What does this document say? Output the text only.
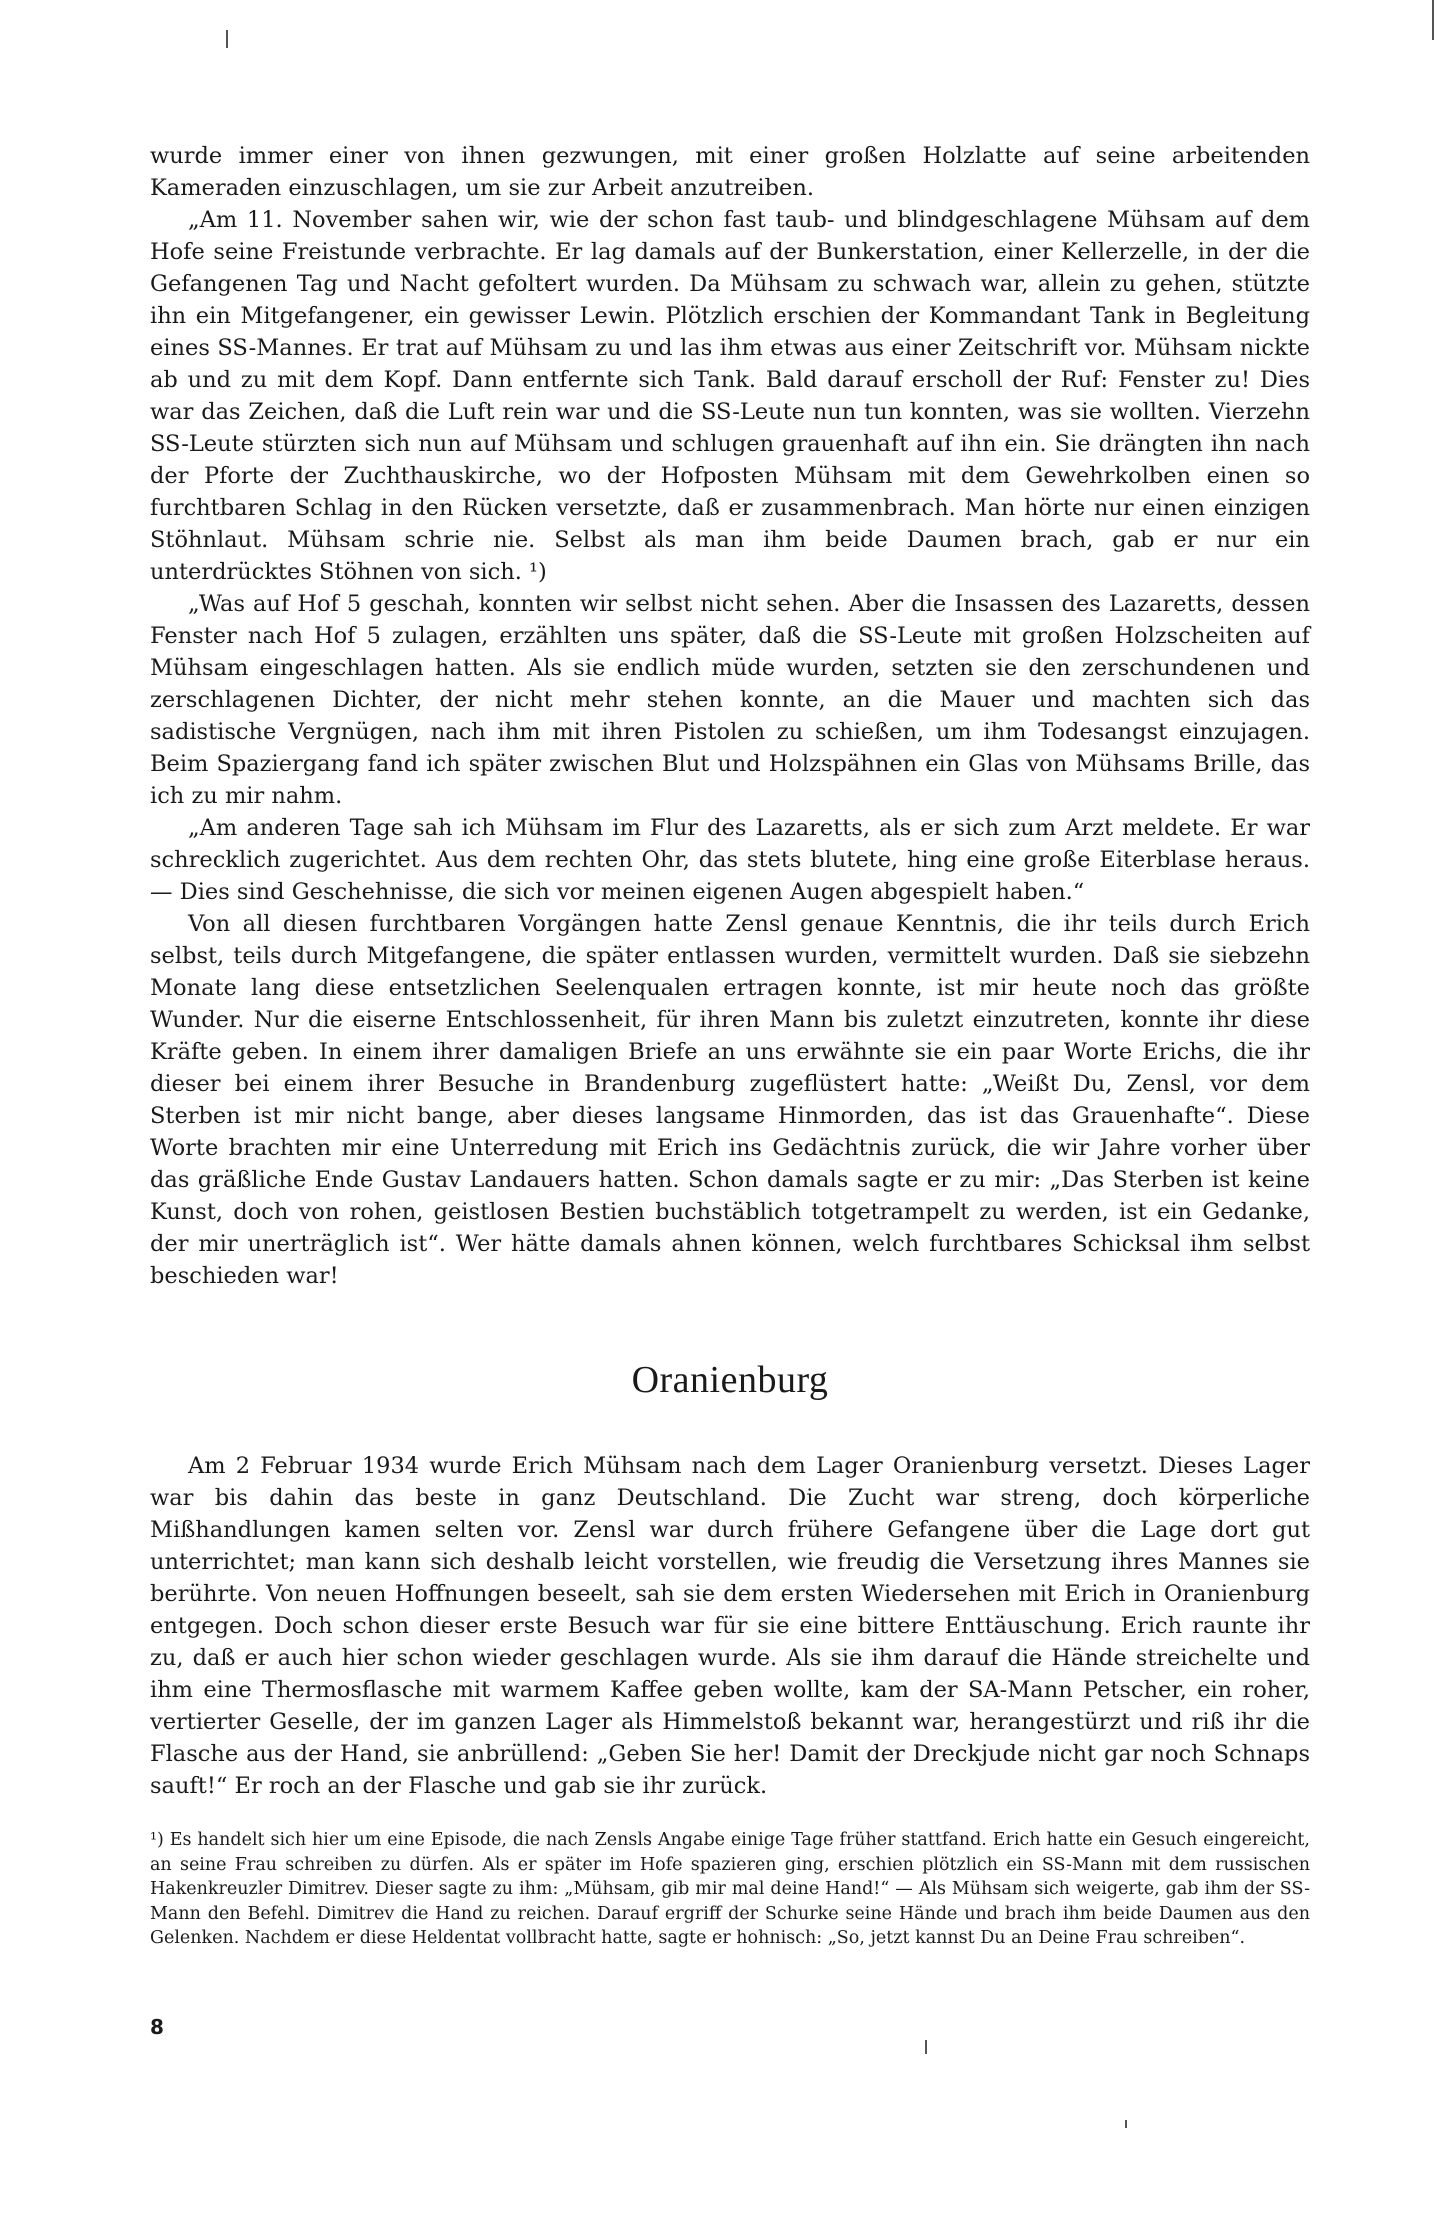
wurde immer einer von ihnen gezwungen, mit einer großen Holzlatte auf seine arbeitenden Kameraden einzuschlagen, um sie zur Arbeit anzutreiben.

„Am 11. November sahen wir, wie der schon fast taub- und blindgeschlagene Mühsam auf dem Hofe seine Freistunde verbrachte. Er lag damals auf der Bunkerstation, einer Kellerzelle, in der die Gefangenen Tag und Nacht gefoltert wurden. Da Mühsam zu schwach war, allein zu gehen, stützte ihn ein Mitgefangener, ein gewisser Lewin. Plötzlich erschien der Kommandant Tank in Begleitung eines SS-Mannes. Er trat auf Mühsam zu und las ihm etwas aus einer Zeitschrift vor. Mühsam nickte ab und zu mit dem Kopf. Dann entfernte sich Tank. Bald darauf erscholl der Ruf: Fenster zu! Dies war das Zeichen, daß die Luft rein war und die SS-Leute nun tun konnten, was sie wollten. Vierzehn SS-Leute stürzten sich nun auf Mühsam und schlugen grauenhaft auf ihn ein. Sie drängten ihn nach der Pforte der Zuchthauskirche, wo der Hofposten Mühsam mit dem Gewehrkolben einen so furchtbaren Schlag in den Rücken versetzte, daß er zusammenbrach. Man hörte nur einen einzigen Stöhnlaut. Mühsam schrie nie. Selbst als man ihm beide Daumen brach, gab er nur ein unterdrücktes Stöhnen von sich. ¹)

„Was auf Hof 5 geschah, konnten wir selbst nicht sehen. Aber die Insassen des Lazaretts, dessen Fenster nach Hof 5 zulagen, erzählten uns später, daß die SS-Leute mit großen Holzscheiten auf Mühsam eingeschlagen hatten. Als sie endlich müde wurden, setzten sie den zerschundenen und zerschlagenen Dichter, der nicht mehr stehen konnte, an die Mauer und machten sich das sadistische Vergnügen, nach ihm mit ihren Pistolen zu schießen, um ihm Todesangst einzujagen. Beim Spaziergang fand ich später zwischen Blut und Holzspähnen ein Glas von Mühsams Brille, das ich zu mir nahm.

„Am anderen Tage sah ich Mühsam im Flur des Lazaretts, als er sich zum Arzt meldete. Er war schrecklich zugerichtet. Aus dem rechten Ohr, das stets blutete, hing eine große Eiterblase heraus. — Dies sind Geschehnisse, die sich vor meinen eigenen Augen abgespielt haben.“

Von all diesen furchtbaren Vorgängen hatte Zensl genaue Kenntnis, die ihr teils durch Erich selbst, teils durch Mitgefangene, die später entlassen wurden, vermittelt wurden. Daß sie siebzehn Monate lang diese entsetzlichen Seelenqualen ertragen konnte, ist mir heute noch das größte Wunder. Nur die eiserne Entschlossenheit, für ihren Mann bis zuletzt einzutreten, konnte ihr diese Kräfte geben. In einem ihrer damaligen Briefe an uns erwähnte sie ein paar Worte Erichs, die ihr dieser bei einem ihrer Besuche in Brandenburg zugeflüstert hatte: „Weißt Du, Zensl, vor dem Sterben ist mir nicht bange, aber dieses langsame Hinmorden, das ist das Grauenhafte“. Diese Worte brachten mir eine Unterredung mit Erich ins Gedächtnis zurück, die wir Jahre vorher über das gräßliche Ende Gustav Landauers hatten. Schon damals sagte er zu mir: „Das Sterben ist keine Kunst, doch von rohen, geistlosen Bestien buchstäblich totgetrampelt zu werden, ist ein Gedanke, der mir unerträglich ist“. Wer hätte damals ahnen können, welch furchtbares Schicksal ihm selbst beschieden war!

Oranienburg

Am 2 Februar 1934 wurde Erich Mühsam nach dem Lager Oranienburg versetzt. Dieses Lager war bis dahin das beste in ganz Deutschland. Die Zucht war streng, doch körperliche Mißhandlungen kamen selten vor. Zensl war durch frühere Gefangene über die Lage dort gut unterrichtet; man kann sich deshalb leicht vorstellen, wie freudig die Versetzung ihres Mannes sie berührte. Von neuen Hoffnungen beseelt, sah sie dem ersten Wiedersehen mit Erich in Oranienburg entgegen. Doch schon dieser erste Besuch war für sie eine bittere Enttäuschung. Erich raunte ihr zu, daß er auch hier schon wieder geschlagen wurde. Als sie ihm darauf die Hände streichelte und ihm eine Thermosflasche mit warmem Kaffee geben wollte, kam der SA-Mann Petscher, ein roher, vertierter Geselle, der im ganzen Lager als Himmelstoß bekannt war, herangestürzt und riß ihr die Flasche aus der Hand, sie anbrüllend: „Geben Sie her! Damit der Dreckjude nicht gar noch Schnaps sauft!“ Er roch an der Flasche und gab sie ihr zurück.

¹) Es handelt sich hier um eine Episode, die nach Zensls Angabe einige Tage früher stattfand. Erich hatte ein Gesuch eingereicht, an seine Frau schreiben zu dürfen. Als er später im Hofe spazieren ging, erschien plötzlich ein SS-Mann mit dem russischen Hakenkreuzler Dimitrev. Dieser sagte zu ihm: „Mühsam, gib mir mal deine Hand!“ — Als Mühsam sich weigerte, gab ihm der SS-Mann den Befehl. Dimitrev die Hand zu reichen. Darauf ergriff der Schurke seine Hände und brach ihm beide Daumen aus den Gelenken. Nachdem er diese Heldentat vollbracht hatte, sagte er hohnisch: „So, jetzt kannst Du an Deine Frau schreiben“.

8
